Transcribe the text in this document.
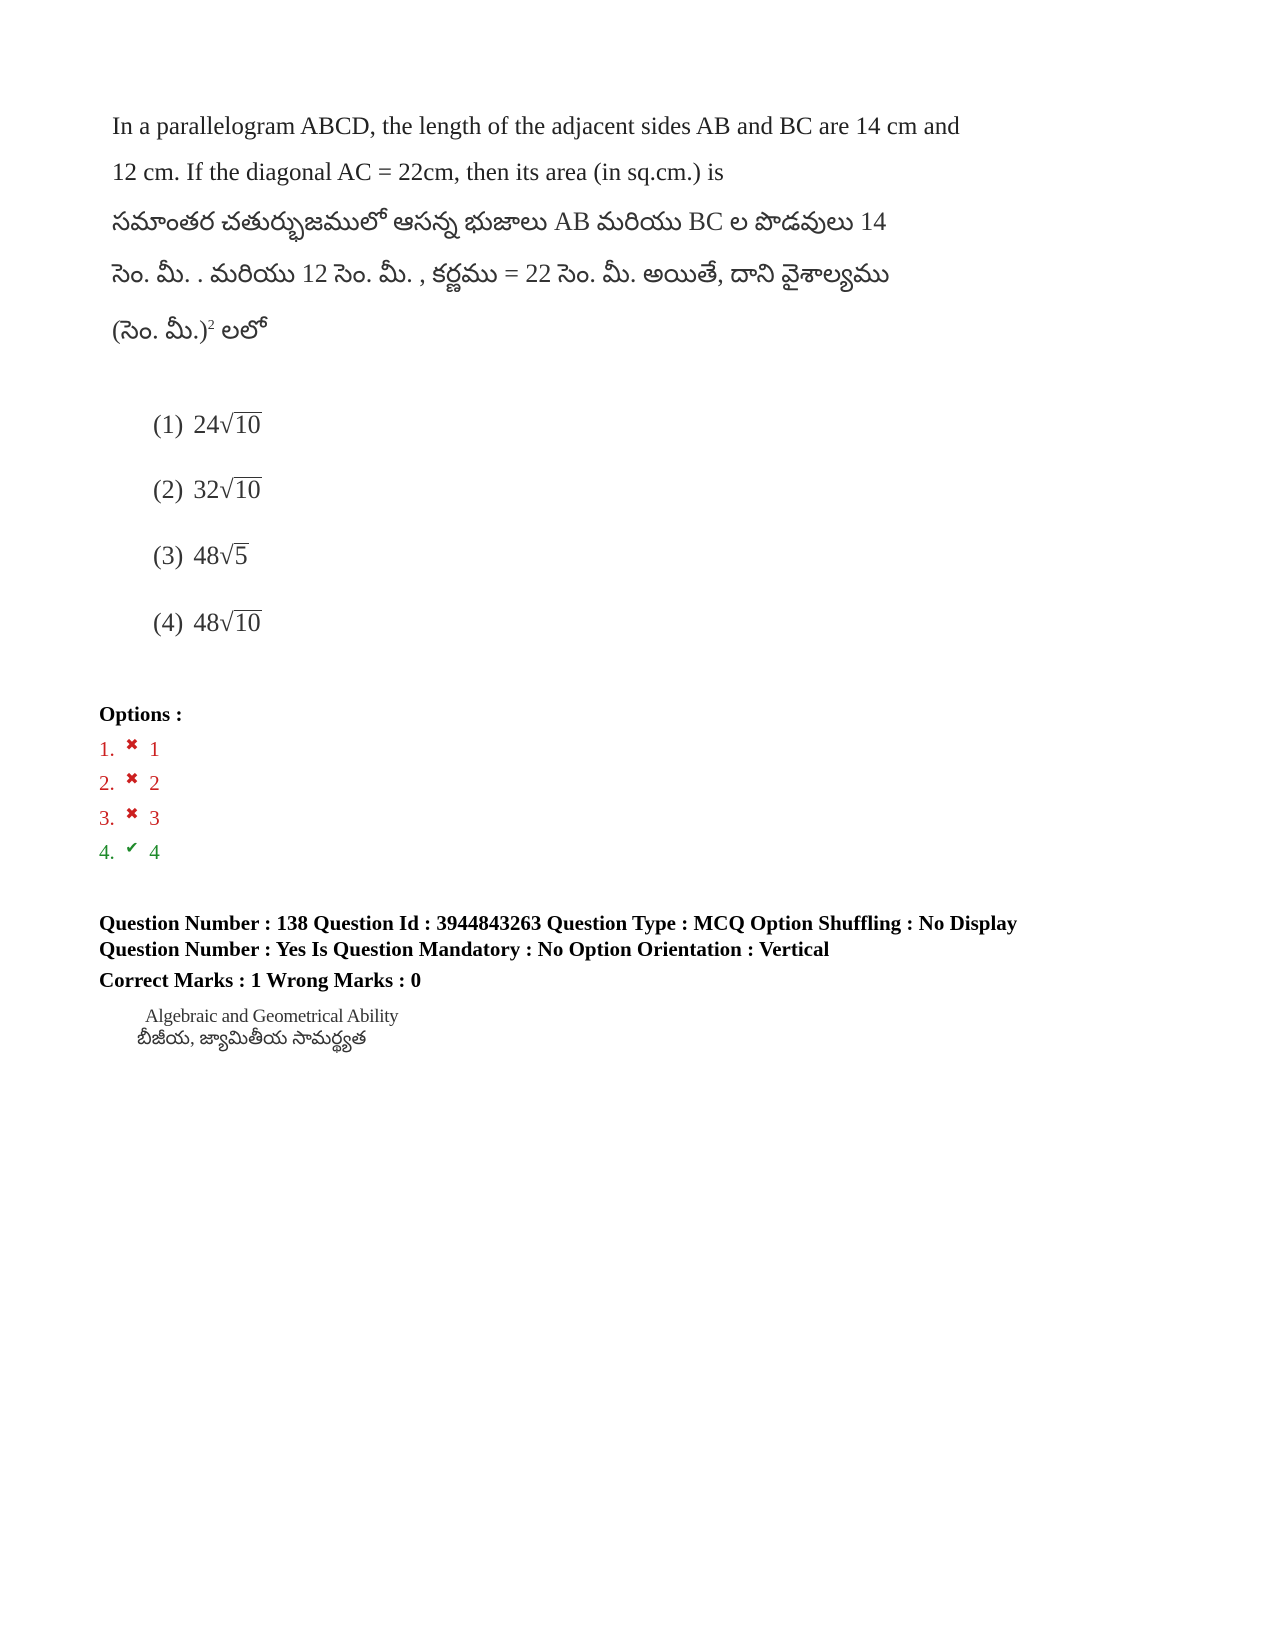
In a parallelogram ABCD, the length of the adjacent sides AB and BC are 14 cm and
12 cm. If the diagonal AC = 22cm, then its area (in sq.cm.) is
సమాంతర చతుర్భుజములో ఆసన్న భుజాలు AB మరియు BC ల పొడవులు 14
సెం. మీ. . మరియు 12 సెం. మీ. , కర్ణము = 22 సెం. మీ. అయితే, దాని వైశాల్యము
(సెం. మీ.)$^2$ లలో
(1) 24√10
(2) 32√10
(3) 48√5
(4) 48√10
Options :
1. ✖ 1
2. ✖ 2
3. ✖ 3
4. ✔ 4
Question Number : 138 Question Id : 3944843263 Question Type : MCQ Option Shuffling : No Display
Question Number : Yes Is Question Mandatory : No Option Orientation : Vertical
Correct Marks : 1 Wrong Marks : 0
Algebraic and Geometrical Ability
బీజీయ, జ్యామితీయ సామర్థ్యత
